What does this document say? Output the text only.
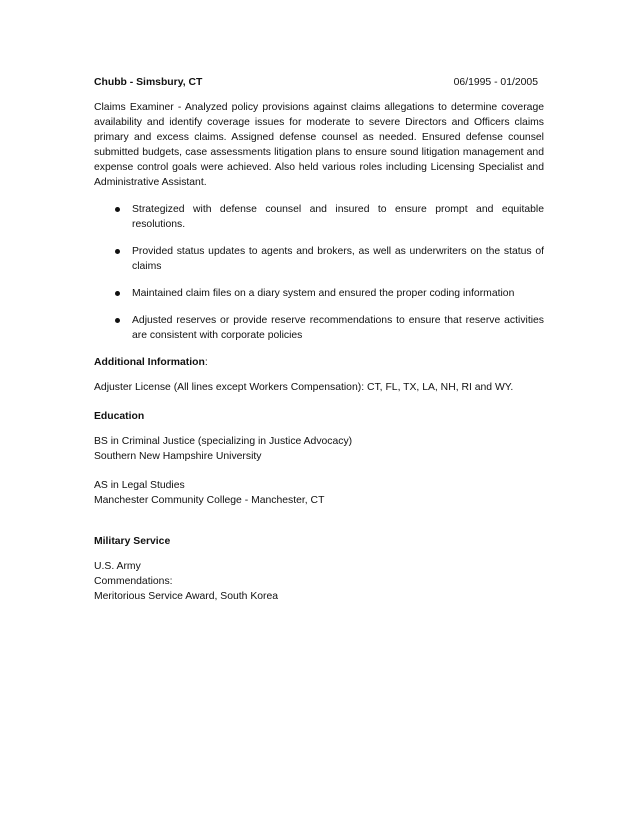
Chubb - Simsbury, CT	06/1995 - 01/2005

Claims Examiner - Analyzed policy provisions against claims allegations to determine coverage availability and identify coverage issues for moderate to severe Directors and Officers claims primary and excess claims. Assigned defense counsel as needed. Ensured defense counsel submitted budgets, case assessments litigation plans to ensure sound litigation management and expense control goals were achieved. Also held various roles including Licensing Specialist and Administrative Assistant.

Strategized with defense counsel and insured to ensure prompt and equitable resolutions.
Provided status updates to agents and brokers, as well as underwriters on the status of claims
Maintained claim files on a diary system and ensured the proper coding information
Adjusted reserves or provide reserve recommendations to ensure that reserve activities are consistent with corporate policies
Additional Information:
Adjuster License (All lines except Workers Compensation): CT, FL, TX, LA, NH, RI and WY.
Education
BS in Criminal Justice (specializing in Justice Advocacy)
Southern New Hampshire University
AS in Legal Studies
Manchester Community College - Manchester, CT
Military Service
U.S. Army
Commendations:
Meritorious Service Award, South Korea
